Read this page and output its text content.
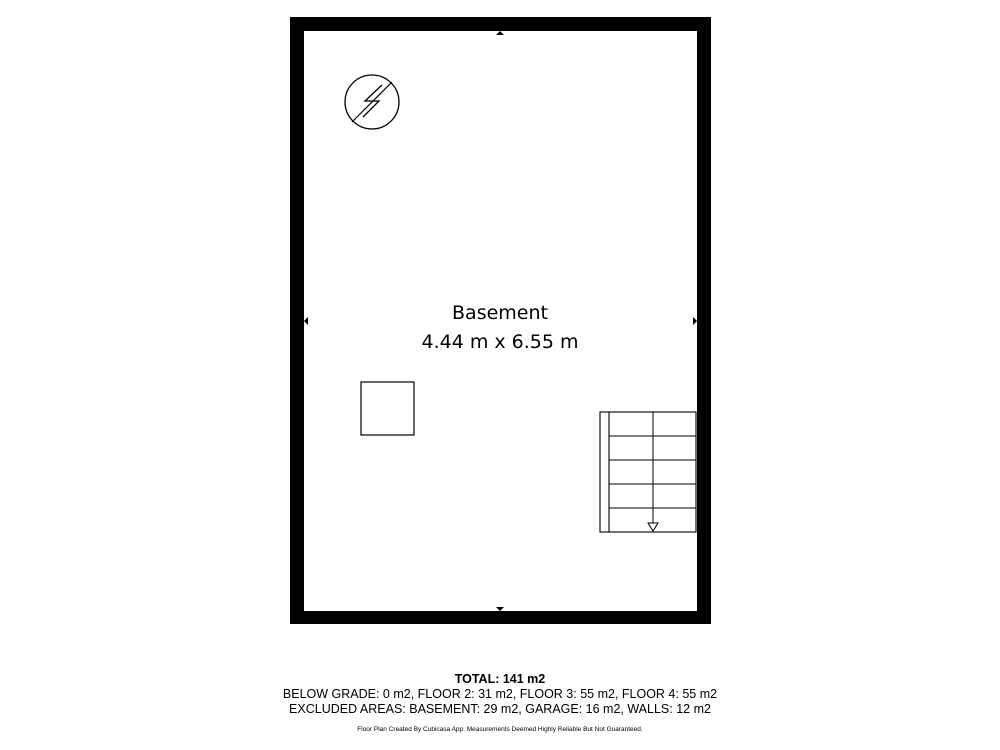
Basement
4.44 m x 6.55 m
TOTAL: 141 m2
BELOW GRADE: 0 m2, FLOOR 2: 31 m2, FLOOR 3: 55 m2, FLOOR 4: 55 m2
EXCLUDED AREAS: BASEMENT: 29 m2, GARAGE: 16 m2, WALLS: 12 m2
Floor Plan Created By Cubicasa App. Measurements Deemed Highly Reliable But Not Guaranteed.
